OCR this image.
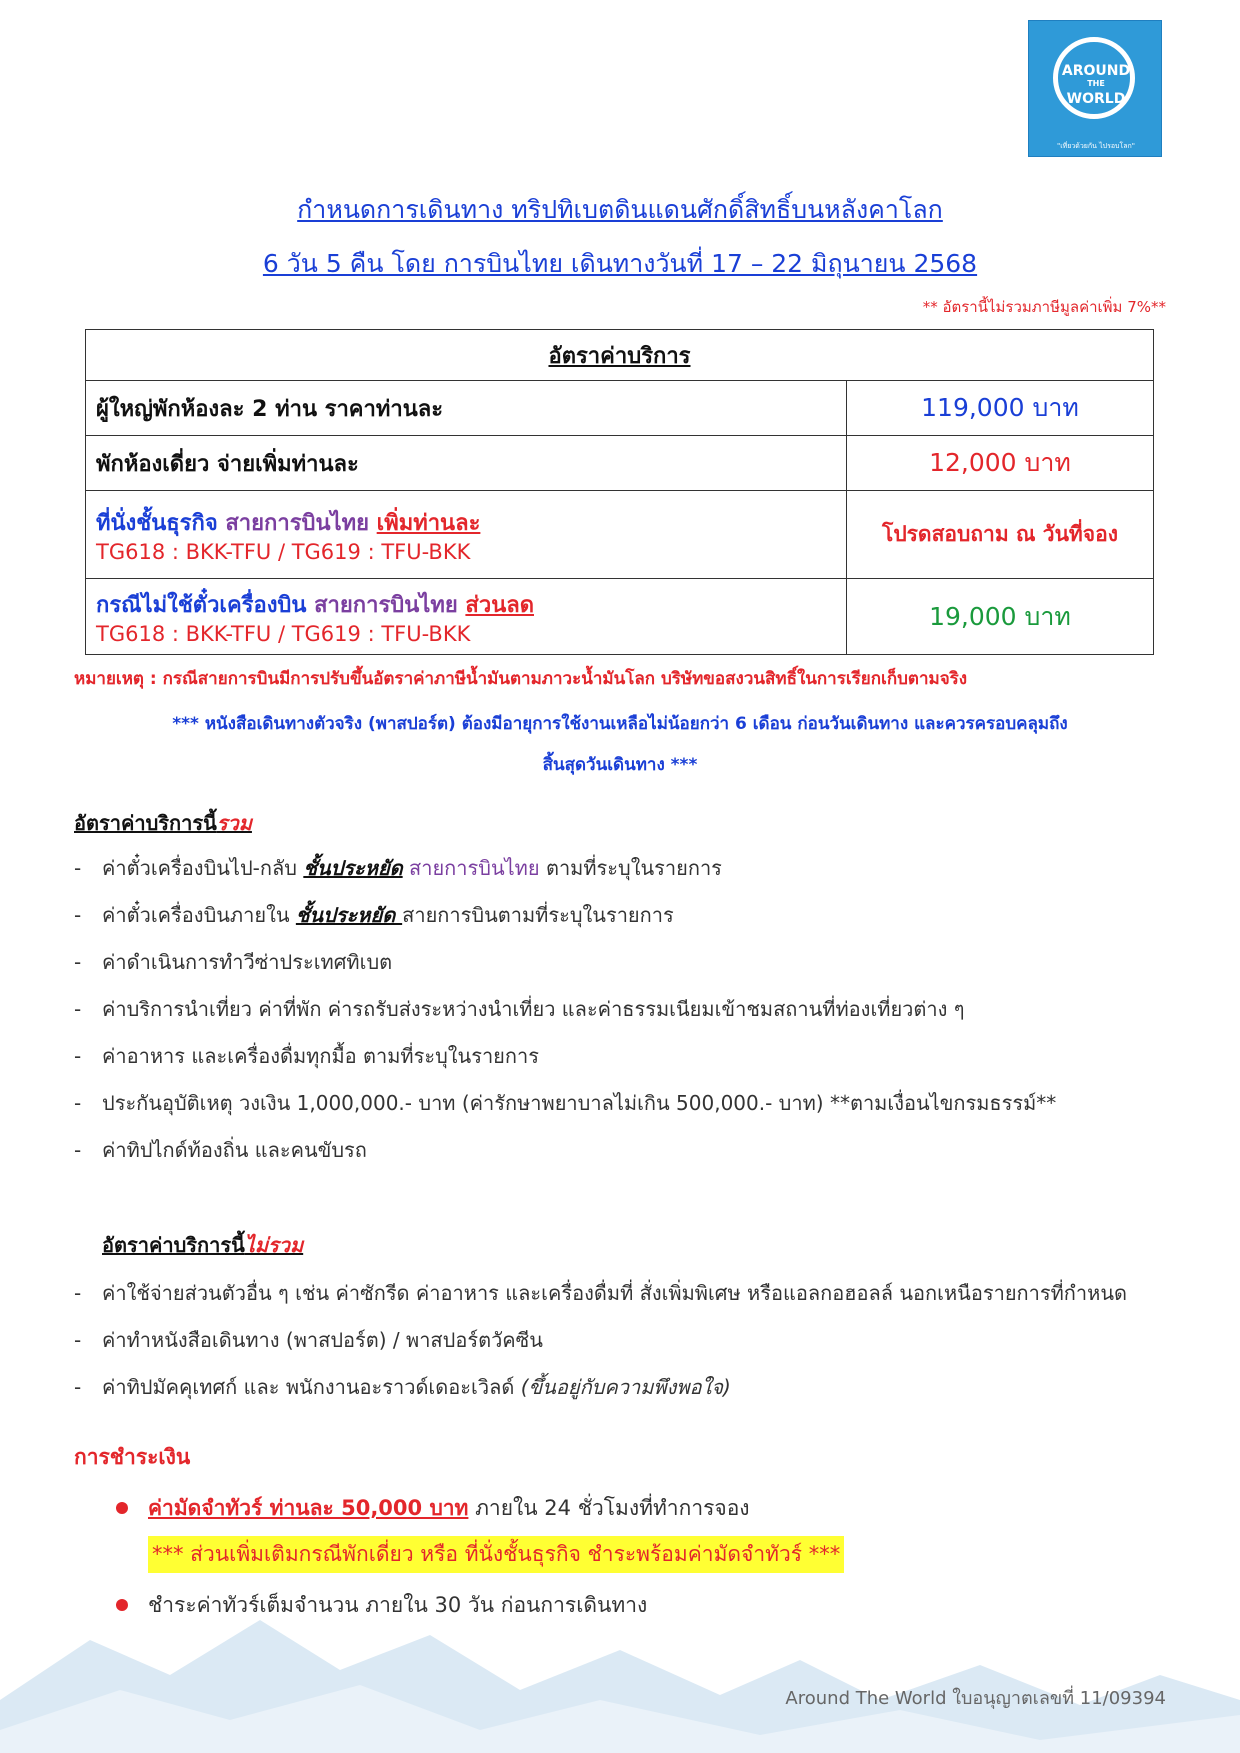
AROUND
THE
WORLD
"เที่ยวด้วยกัน ไปรอบโลก"
กำหนดการเดินทาง ทริปทิเบตดินแดนศักดิ์สิทธิ์บนหลังคาโลก
6 วัน 5 คืน โดย การบินไทย เดินทางวันที่ 17 – 22 มิถุนายน 2568
** อัตรานี้ไม่รวมภาษีมูลค่าเพิ่ม 7%**
อัตราค่าบริการ	
ผู้ใหญ่พักห้องละ 2 ท่าน ราคาท่านละ	119,000 บาท
พักห้องเดี่ยว จ่ายเพิ่มท่านละ	12,000 บาท
ที่นั่งชั้นธุรกิจ สายการบินไทย เพิ่มท่านละ
TG618 : BKK-TFU / TG619 : TFU-BKK	โปรดสอบถาม ณ วันที่จอง
กรณีไม่ใช้ตั๋วเครื่องบิน สายการบินไทย ส่วนลด
TG618 : BKK-TFU / TG619 : TFU-BKK	19,000 บาท
หมายเหตุ : กรณีสายการบินมีการปรับขึ้นอัตราค่าภาษีน้ำมันตามภาวะน้ำมันโลก บริษัทขอสงวนสิทธิ์ในการเรียกเก็บตามจริง
*** หนังสือเดินทางตัวจริง (พาสปอร์ต) ต้องมีอายุการใช้งานเหลือไม่น้อยกว่า 6 เดือน ก่อนวันเดินทาง และควรครอบคลุมถึง
สิ้นสุดวันเดินทาง ***
อัตราค่าบริการนี้รวม
- ค่าตั๋วเครื่องบินไป-กลับ ชั้นประหยัด สายการบินไทย ตามที่ระบุในรายการ
- ค่าตั๋วเครื่องบินภายใน ชั้นประหยัด สายการบินตามที่ระบุในรายการ
- ค่าดำเนินการทำวีซ่าประเทศทิเบต
- ค่าบริการนำเที่ยว ค่าที่พัก ค่ารถรับส่งระหว่างนำเที่ยว และค่าธรรมเนียมเข้าชมสถานที่ท่องเที่ยวต่าง ๆ
- ค่าอาหาร และเครื่องดื่มทุกมื้อ ตามที่ระบุในรายการ
- ประกันอุบัติเหตุ วงเงิน 1,000,000.- บาท (ค่ารักษาพยาบาลไม่เกิน 500,000.- บาท) **ตามเงื่อนไขกรมธรรม์**
- ค่าทิปไกด์ท้องถิ่น และคนขับรถ
อัตราค่าบริการนี้ไม่รวม
- ค่าใช้จ่ายส่วนตัวอื่น ๆ เช่น ค่าซักรีด ค่าอาหาร และเครื่องดื่มที่ สั่งเพิ่มพิเศษ หรือแอลกอฮอลล์ นอกเหนือรายการที่กำหนด
- ค่าทำหนังสือเดินทาง (พาสปอร์ต) / พาสปอร์ตวัคซีน
- ค่าทิปมัคคุเทศก์ และ พนักงานอะราวด์เดอะเวิลด์ (ขึ้นอยู่กับความพึงพอใจ)
การชำระเงิน
ค่ามัดจำทัวร์ ท่านละ 50,000 บาท ภายใน 24 ชั่วโมงที่ทำการจอง
*** ส่วนเพิ่มเติมกรณีพักเดี่ยว หรือ ที่นั่งชั้นธุรกิจ ชำระพร้อมค่ามัดจำทัวร์ ***
ชำระค่าทัวร์เต็มจำนวน ภายใน 30 วัน ก่อนการเดินทาง
Around The World ใบอนุญาตเลขที่ 11/09394
